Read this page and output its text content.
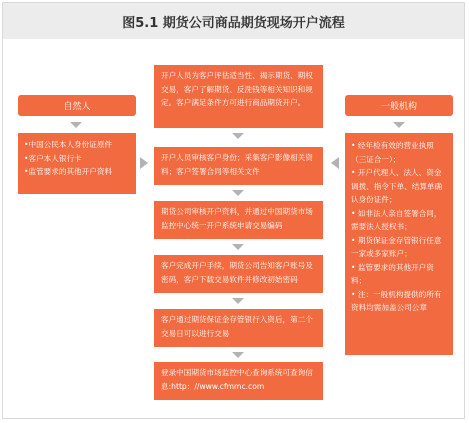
图5.1 期货公司商品期货现场开户流程
自然人
•中国公民本人身份证原件
•客户本人银行卡
•监管要求的其他开户资料
一般机构
• 经年检有效的营业执照（三证合一）；
• 开户代理人、法人、资金调拨、指令下单、结算单确认身份证件；
• 如非法人亲自签署合同，需要法人授权书；
• 期货保证金存管银行任意一家或多家账户；
• 监管要求的其他开户资料；
• 注：一般机构提供的所有资料均需加盖公司公章
开户人员为客户评估适当性、揭示期货、期权交易，客户了解期货、反洗钱等相关知识和规定。客户满足条件方可进行商品期货开户。
开户人员审核客户身份；采集客户影像相关资料；客户签署合同等相关文件
期货公司审核开户资料，并通过中国期货市场监控中心统一开户系统申请交易编码
客户完成开户手续，期货公司告知客户账号及密码，客户下载交易软件并修改初始密码
客户通过期货保证金存管银行入资后，第二个交易日可以进行交易
登录中国期货市场监控中心查询系统可查询信息:http：//www.cfmmc.com
